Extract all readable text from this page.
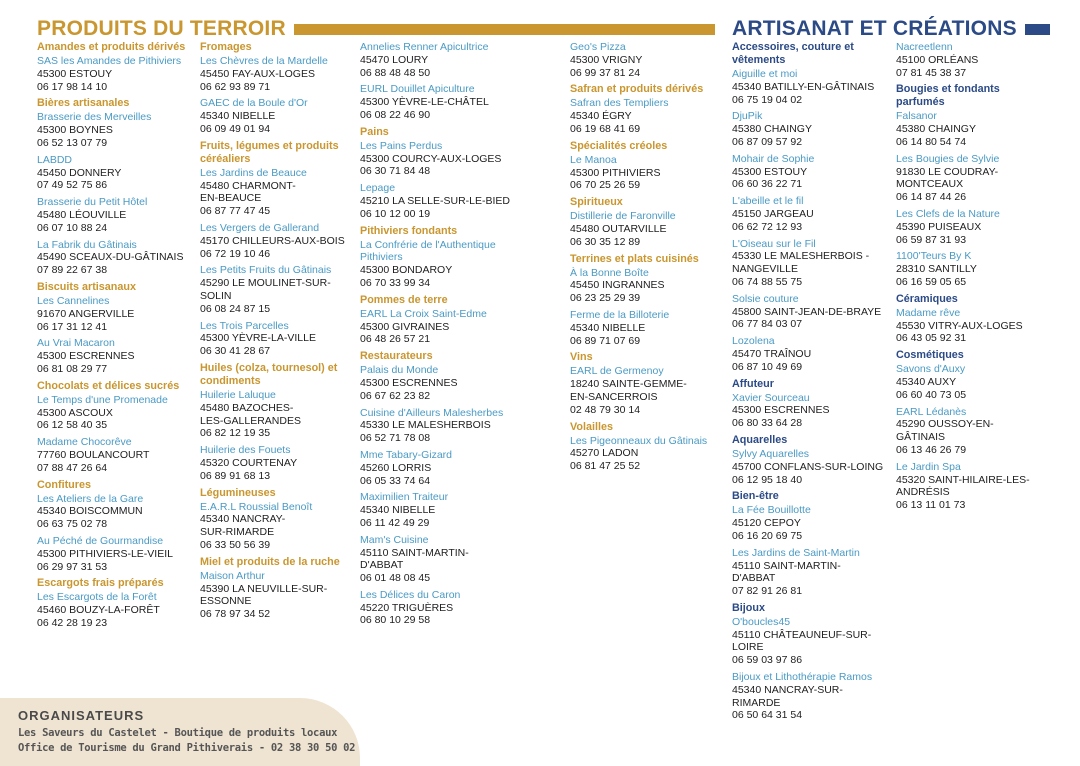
PRODUITS DU TERROIR	ARTISANAT ET CRÉATIONS
Amandes et produits dérivés
SAS les Amandes de Pithiviers
45300 ESTOUY
06 17 98 14 10
Bières artisanales
Brasserie des Merveilles
45300 BOYNES
06 52 13 07 79
LABDD
45450 DONNERY
07 49 52 75 86
Brasserie du Petit Hôtel
45480 LÉOUVILLE
06 07 10 88 24
La Fabrik du Gâtinais
45490 SCEAUX-DU-GÂTINAIS
07 89 22 67 38
Biscuits artisanaux
Les Cannelines
91670 ANGERVILLE
06 17 31 12 41
Au Vrai Macaron
45300 ESCRENNES
06 81 08 29 77
Chocolats et délices sucrés
Le Temps d'une Promenade
45300 ASCOUX
06 12 58 40 35
Madame Chocorêve
77760 BOULANCOURT
07 88 47 26 64
Confitures
Les Ateliers de la Gare
45340 BOISCOMMUN
06 63 75 02 78
Au Péché de Gourmandise
45300 PITHIVIERS-LE-VIEIL
06 29 97 31 53
Escargots frais préparés
Les Escargots de la Forêt
45460 BOUZY-LA-FORÊT
06 42 28 19 23
Fromages
Les Chèvres de la Mardelle
45450 FAY-AUX-LOGES
06 62 93 89 71
GAEC de la Boule d'Or
45340 NIBELLE
06 09 49 01 94
Fruits, légumes et produits
céréaliers
Les Jardins de Beauce
45480 CHARMONT-
EN-BEAUCE
06 87 77 47 45
Les Vergers de Gallerand
45170 CHILLEURS-AUX-BOIS
06 72 19 10 46
Les Petits Fruits du Gâtinais
45290 LE MOULINET-SUR-
SOLIN
06 08 24 87 15
Les Trois Parcelles
45300 YÈVRE-LA-VILLE
06 30 41 28 67
Huiles (colza, tournesol) et
condiments
Huilerie Laluque
45480 BAZOCHES-
LES-GALLERANDES
06 82 12 19 35
Huilerie des Fouets
45320 COURTENAY
06 89 91 68 13
Légumineuses
E.A.R.L Roussial Benoît
45340 NANCRAY-
SUR-RIMARDE
06 33 50 56 39
Miel et produits de la ruche
Maison Arthur
45390 LA NEUVILLE-SUR-
ESSONNE
06 78 97 34 52
Annelies Renner Apicultrice
45470 LOURY
06 88 48 48 50
EURL Douillet Apiculture
45300 YÈVRE-LE-CHÂTEL
06 08 22 46 90
Pains
Les Pains Perdus
45300 COURCY-AUX-LOGES
06 30 71 84 48
Lepage
45210 LA SELLE-SUR-LE-BIED
06 10 12 00 19
Pithiviers fondants
La Confrérie de l'Authentique
Pithiviers
45300 BONDAROY
06 70 33 99 34
Pommes de terre
EARL La Croix Saint-Edme
45300 GIVRAINES
06 48 26 57 21
Restaurateurs
Palais du Monde
45300 ESCRENNES
06 67 62 23 82
Cuisine d'Ailleurs Malesherbes
45330 LE MALESHERBOIS
06 52 71 78 08
Mme Tabary-Gizard
45260 LORRIS
06 05 33 74 64
Maximilien Traiteur
45340 NIBELLE
06 11 42 49 29
Mam's Cuisine
45110 SAINT-MARTIN-
D'ABBAT
06 01 48 08 45
Les Délices du Caron
45220 TRIGUÈRES
06 80 10 29 58
Geo's Pizza
45300 VRIGNY
06 99 37 81 24
Safran et produits dérivés
Safran des Templiers
45340 ÉGRY
06 19 68 41 69
Spécialités créoles
Le Manoa
45300 PITHIVIERS
06 70 25 26 59
Spiritueux
Distillerie de Faronville
45480 OUTARVILLE
06 30 35 12 89
Terrines et plats cuisinés
À la Bonne Boîte
45450 INGRANNES
06 23 25 29 39
Ferme de la Billoterie
45340 NIBELLE
06 89 71 07 69
Vins
EARL de Germenoy
18240 SAINTE-GEMME-
EN-SANCERROIS
02 48 79 30 14
Volailles
Les Pigeonneaux du Gâtinais
45270 LADON
06 81 47 25 52
Accessoires, couture et
vêtements
Aiguille et moi
45340 BATILLY-EN-GÂTINAIS
06 75 19 04 02
DjuPik
45380 CHAINGY
06 87 09 57 92
Mohair de Sophie
45300 ESTOUY
06 60 36 22 71
L'abeille et le fil
45150 JARGEAU
06 62 72 12 93
L'Oiseau sur le Fil
45330 LE MALESHERBOIS -
NANGEVILLE
06 74 88 55 75
Solsie couture
45800 SAINT-JEAN-DE-BRAYE
06 77 84 03 07
Lozolena
45470 TRAÎNOU
06 87 10 49 69
Affuteur
Xavier Sourceau
45300 ESCRENNES
06 80 33 64 28
Aquarelles
Sylvy Aquarelles
45700 CONFLANS-SUR-LOING
06 12 95 18 40
Bien-être
La Fée Bouillotte
45120 CEPOY
06 16 20 69 75
Les Jardins de Saint-Martin
45110 SAINT-MARTIN-
D'ABBAT
07 82 91 26 81
Bijoux
O'boucles45
45110 CHÂTEAUNEUF-SUR-
LOIRE
06 59 03 97 86
Bijoux et Lithothérapie Ramos
45340 NANCRAY-SUR-
RIMARDE
06 50 64 31 54
Nacreetlenn
45100 ORLÉANS
07 81 45 38 37
Bougies et fondants
parfumés
Falsanor
45380 CHAINGY
06 14 80 54 74
Les Bougies de Sylvie
91830 LE COUDRAY-
MONTCEAUX
06 14 87 44 26
Les Clefs de la Nature
45390 PUISEAUX
06 59 87 31 93
1100'Teurs By K
28310 SANTILLY
06 16 59 05 65
Céramiques
Madame rêve
45530 VITRY-AUX-LOGES
06 43 05 92 31
Cosmétiques
Savons d'Auxy
45340 AUXY
06 60 40 73 05
EARL Lédanès
45290 OUSSOY-EN-
GÂTINAIS
06 13 46 26 79
Le Jardin Spa
45320 SAINT-HILAIRE-LES-
ANDRÉSIS
06 13 11 01 73
ORGANISATEURS
Les Saveurs du Castelet - Boutique de produits locaux
Office de Tourisme du Grand Pithiverais - 02 38 30 50 02
